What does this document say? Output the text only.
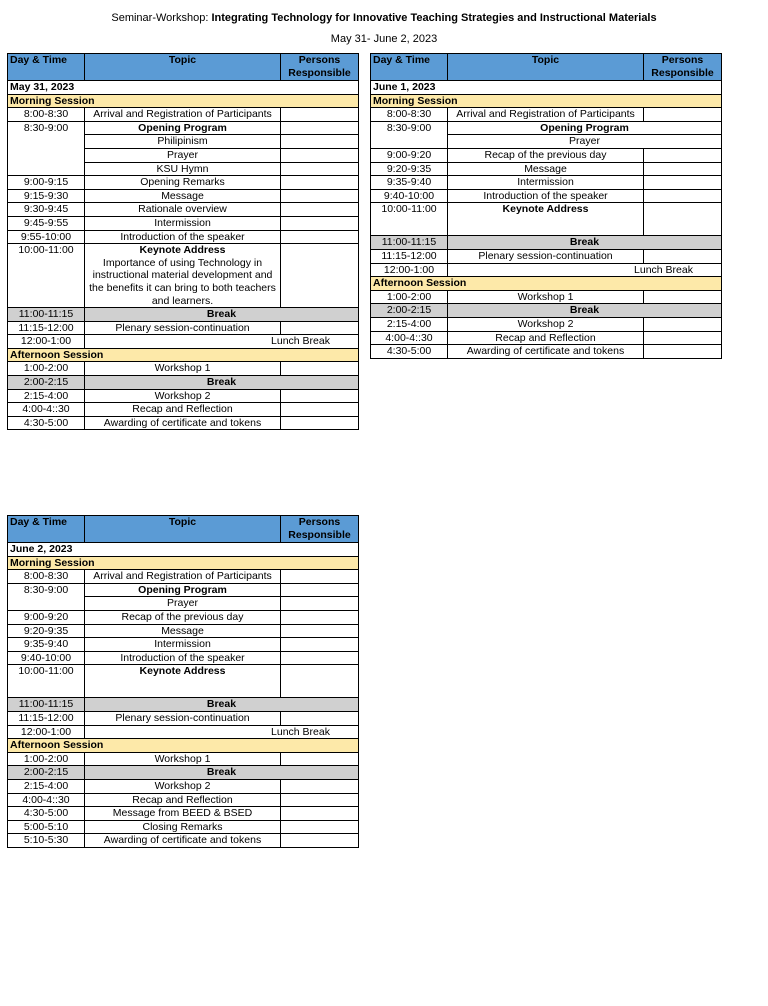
Seminar-Workshop: Integrating Technology for Innovative Teaching Strategies and Instructional Materials
May 31- June 2, 2023
Day & Time	Topic	Persons
Responsible
May 31, 2023		
Morning Session		
8:00-8:30	Arrival and Registration of Participants	
8:30-9:00	Opening Program	
	Philipinism	
	Prayer	
	KSU Hymn	
9:00-9:15	Opening Remarks	
9:15-9:30	Message	
9:30-9:45	Rationale overview	
9:45-9:55	Intermission	
9:55-10:00	Introduction of the speaker	
10:00-11:00	Keynote Address
Importance of using Technology in instructional material development and the benefits it can bring to both teachers and learners.	

11:00-11:15	Break	
11:15-12:00	Plenary session-continuation	
12:00-1:00	Lunch Break	
Afternoon Session		
1:00-2:00	Workshop 1	
2:00-2:15	Break	
2:15-4:00	Workshop 2	
4:00-4::30	Recap and Reflection	
4:30-5:00	Awarding of certificate and tokens	
Day & Time	Topic	Persons
Responsible
June 1, 2023		
Morning Session		
8:00-8:30	Arrival and Registration of Participants	
8:30-9:00	Opening Program	
	Prayer	
9:00-9:20	Recap of the previous day	
9:20-9:35	Message	
9:35-9:40	Intermission	
9:40-10:00	Introduction of the speaker	
10:00-11:00	Keynote Address	
11:00-11:15	Break	
11:15-12:00	Plenary session-continuation	
12:00-1:00	Lunch Break	
Afternoon Session		
1:00-2:00	Workshop 1	
2:00-2:15	Break	
2:15-4:00	Workshop 2	
4:00-4::30	Recap and Reflection	
4:30-5:00	Awarding of certificate and tokens	
Day & Time	Topic	Persons
Responsible
June 2, 2023		
Morning Session		
8:00-8:30	Arrival and Registration of Participants	
8:30-9:00	Opening Program	
	Prayer	
9:00-9:20	Recap of the previous day	
9:20-9:35	Message	
9:35-9:40	Intermission	
9:40-10:00	Introduction of the speaker	
10:00-11:00	Keynote Address	
11:00-11:15	Break	
11:15-12:00	Plenary session-continuation	
12:00-1:00	Lunch Break	
Afternoon Session		
1:00-2:00	Workshop 1	
2:00-2:15	Break	
2:15-4:00	Workshop 2	
4:00-4::30	Recap and Reflection	
4:30-5:00	Message from BEED & BSED	
5:00-5:10	Closing Remarks	
5:10-5:30	Awarding of certificate and tokens	
